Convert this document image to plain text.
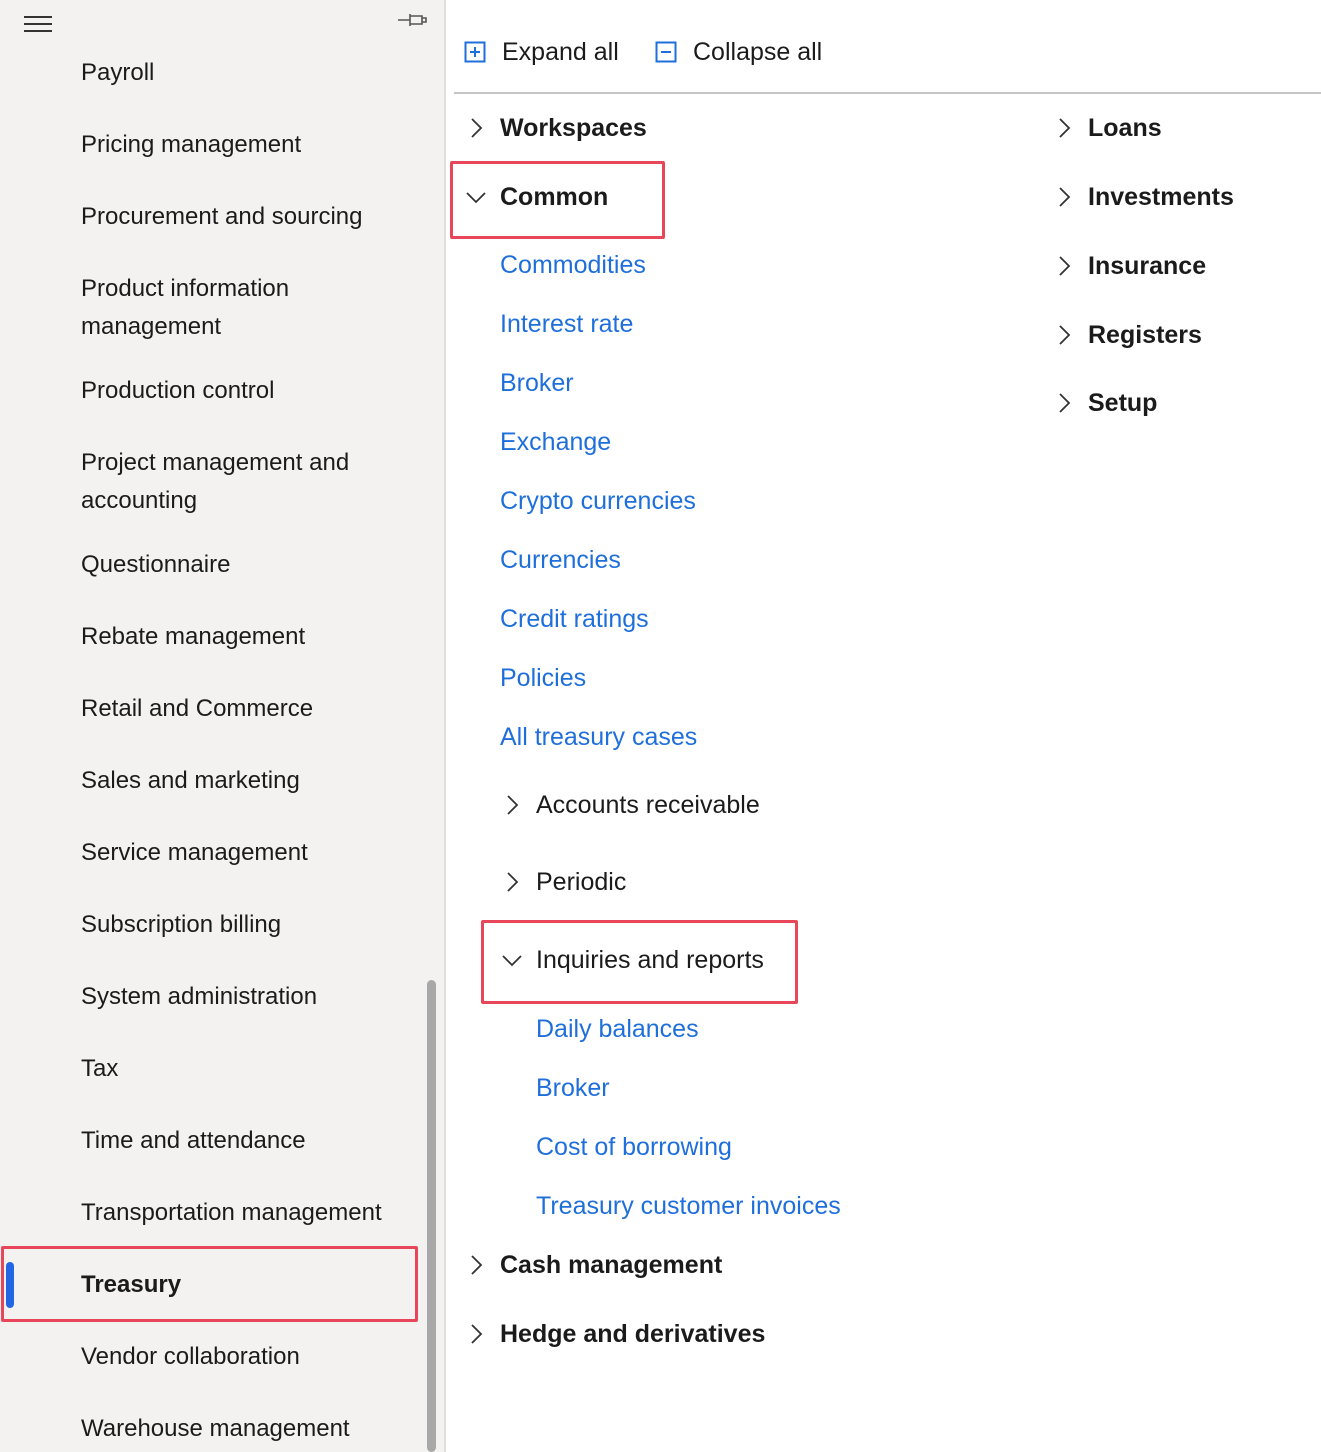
Payroll
Pricing management
Procurement and sourcing
Product information
management
Production control
Project management and
accounting
Questionnaire
Rebate management
Retail and Commerce
Sales and marketing
Service management
Subscription billing
System administration
Tax
Time and attendance
Transportation management
Treasury
Vendor collaboration
Warehouse management
Expand all	Collapse all
Workspaces
Common
Commodities
Interest rate
Broker
Exchange
Crypto currencies
Currencies
Credit ratings
Policies
All treasury cases
Accounts receivable
Periodic
Inquiries and reports
Daily balances
Broker
Cost of borrowing
Treasury customer invoices
Cash management
Hedge and derivatives
Loans
Investments
Insurance
Registers
Setup
